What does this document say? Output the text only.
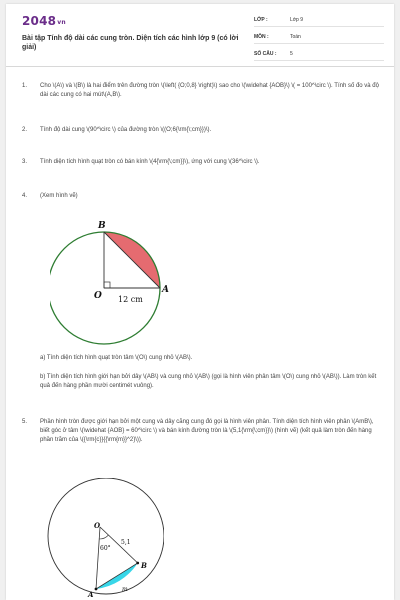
2048vn
Bài tập Tính độ dài các cung tròn. Diện tích các hình lớp 9 (có lời giải)
LỚP :	Lớp 9
MÔN :	Toán
SỐ CÂU :	5
1. Cho \(A\) và \(B\) là hai điểm trên đường tròn \(\left( {O;0,8} \right)\) sao cho \(\widehat {AOB}\) \( = 100^\circ \). Tính số đo và độ dài các cung có hai mút\(A,B\).
2. Tính độ dài cung \(90^\circ \) của đường tròn \((O;6{\rm{\;cm}})\).
3. Tính diện tích hình quạt tròn có bán kính \(4{\rm{\;cm}}\), ứng với cung \(36^\circ \).
4. (Xem hình vẽ)
B
O
A
12 cm
a) Tính diện tích hình quạt tròn tâm \(O\) cung nhỏ \(AB\).
b) Tính diện tích hình giới hạn bởi dây \(AB\) và cung nhỏ \(AB\) (gọi là hình viên phân tâm \(O\) cung nhỏ \(AB\)). Làm tròn kết quả đến hàng phần mười centimét vuông).
5. Phần hình tròn được giới hạn bởi một cung và dây căng cung đó gọi là hình viên phân. Tính diện tích hình viên phân \(AmB\), biết góc ở tâm \(\widehat {AOB} = 60^\circ \) và bán kính đường tròn là \(5,1{\rm{\;cm}}\) (hình vẽ) (kết quả làm tròn đến hàng phần trăm của \({\rm{c}}{{\rm{m}}^2}\)).
O
60°
5,1
B
A
m
